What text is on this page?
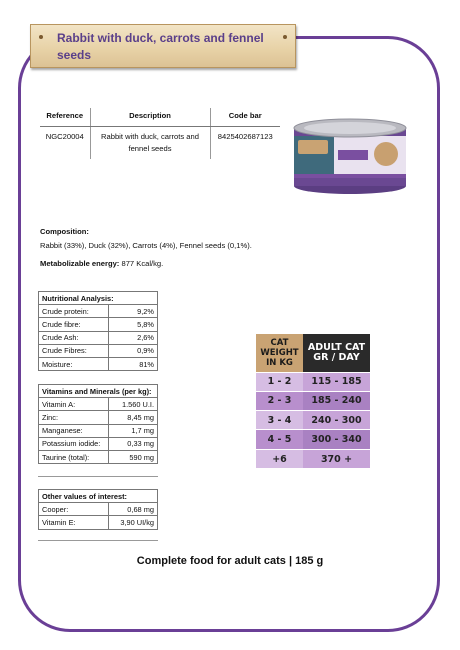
Rabbit with duck, carrots and fennel seeds
Reference	Description	Code bar
NGC20004	Rabbit with duck, carrots and fennel seeds	8425402687123

Composition:

Rabbit (33%), Duck (32%), Carrots (4%), Fennel seeds (0,1%).

Metabolizable energy: 877 Kcal/kg.
Nutritional Analysis:	
Crude protein:	9,2%
Crude fibre:	5,8%
Crude Ash:	2,6%
Crude Fibres:	0,9%
Moisture:	81%
Vitamins and Minerals (per kg):	
Vitamin A:	1.560 U.I.
Zinc:	8,45 mg
Manganese:	1,7 mg
Potassium iodide:	0,33 mg
Taurine (total):	590 mg
Other values of interest:	
Cooper:	0,68 mg
Vitamin E:	3,90 UI/kg
CAT WEIGHT IN KG	ADULT CAT GR / DAY
1 - 2	115 - 185
2 - 3	185 - 240
3 - 4	240 - 300
4 - 5	300 - 340
+6	370 +
Complete food for adult cats | 185 g
